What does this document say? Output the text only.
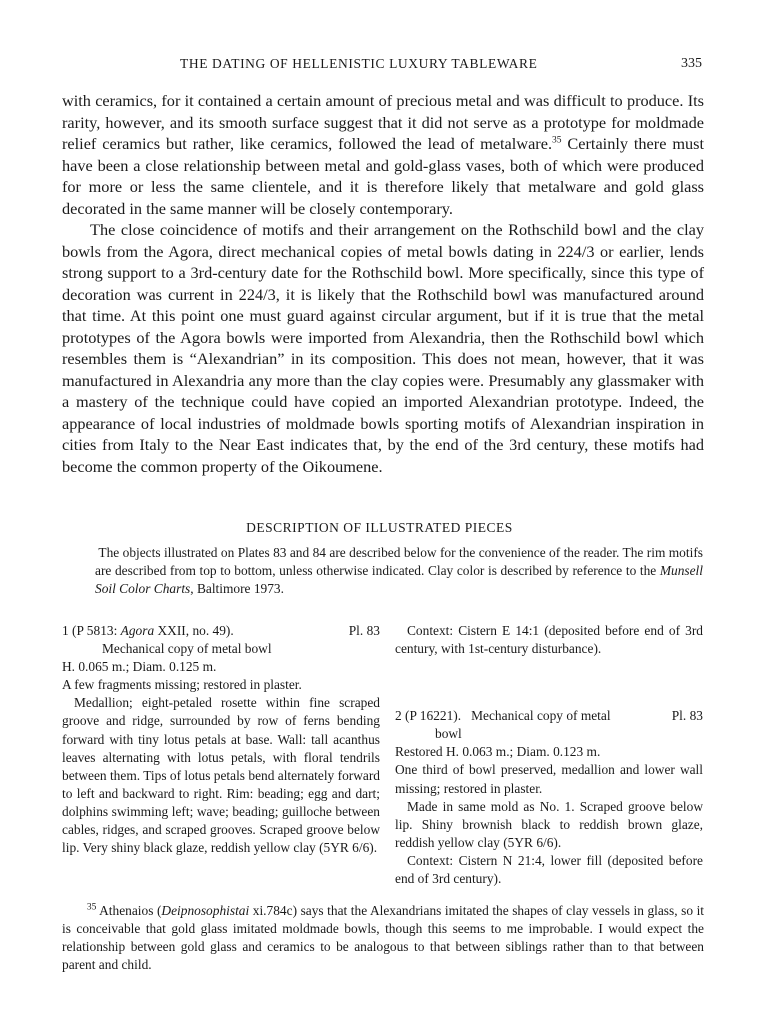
THE DATING OF HELLENISTIC LUXURY TABLEWARE	335

with ceramics, for it contained a certain amount of precious metal and was difficult to produce. Its rarity, however, and its smooth surface suggest that it did not serve as a prototype for moldmade relief ceramics but rather, like ceramics, followed the lead of metalware.$^{35}$ Certainly there must have been a close relationship between metal and gold-glass vases, both of which were produced for more or less the same clientele, and it is therefore likely that metalware and gold glass decorated in the same manner will be closely contemporary.

The close coincidence of motifs and their arrangement on the Rothschild bowl and the clay bowls from the Agora, direct mechanical copies of metal bowls dating in 224/3 or earlier, lends strong support to a 3rd-century date for the Rothschild bowl. More specifically, since this type of decoration was current in 224/3, it is likely that the Rothschild bowl was manufactured around that time. At this point one must guard against circular argument, but if it is true that the metal prototypes of the Agora bowls were imported from Alexandria, then the Rothschild bowl which resembles them is “Alexandrian” in its composition. This does not mean, however, that it was manufactured in Alexandria any more than the clay copies were. Presumably any glassmaker with a mastery of the technique could have copied an imported Alexandrian prototype. Indeed, the appearance of local industries of moldmade bowls sporting motifs of Alexandrian inspiration in cities from Italy to the Near East indicates that, by the end of the 3rd century, these motifs had become the common property of the Oikoumene.

DESCRIPTION OF ILLUSTRATED PIECES
The objects illustrated on Plates 83 and 84 are described below for the convenience of the reader. The rim motifs are described from top to bottom, unless otherwise indicated. Clay color is described by reference to the Munsell Soil Color Charts, Baltimore 1973.
1 (P 5813: Agora XXII, no. 49).	Pl. 83

Mechanical copy of metal bowl

H. 0.065 m.; Diam. 0.125 m.

A few fragments missing; restored in plaster.

Medallion; eight-petaled rosette within fine scraped groove and ridge, surrounded by row of ferns bending forward with tiny lotus petals at base. Wall: tall acanthus leaves alternating with lotus petals, with floral tendrils between them. Tips of lotus petals bend alternately forward to left and backward to right. Rim: beading; egg and dart; dolphins swimming left; wave; beading; guilloche between cables, ridges, and scraped grooves. Scraped groove below lip. Very shiny black glaze, reddish yellow clay (5YR 6/6).

Context: Cistern E 14:1 (deposited before end of 3rd century, with 1st-century disturbance).

2 (P 16221). Mechanical copy of metal	Pl. 83

bowl

Restored H. 0.063 m.; Diam. 0.123 m.

One third of bowl preserved, medallion and lower wall missing; restored in plaster.

Made in same mold as No. 1. Scraped groove below lip. Shiny brownish black to reddish brown glaze, reddish yellow clay (5YR 6/6).

Context: Cistern N 21:4, lower fill (deposited before end of 3rd century).

$^{35}$ Athenaios (Deipnosophistai xi.784c) says that the Alexandrians imitated the shapes of clay vessels in glass, so it is conceivable that gold glass imitated moldmade bowls, though this seems to me improbable. I would expect the relationship between gold glass and ceramics to be analogous to that between siblings rather than to that between parent and child.
